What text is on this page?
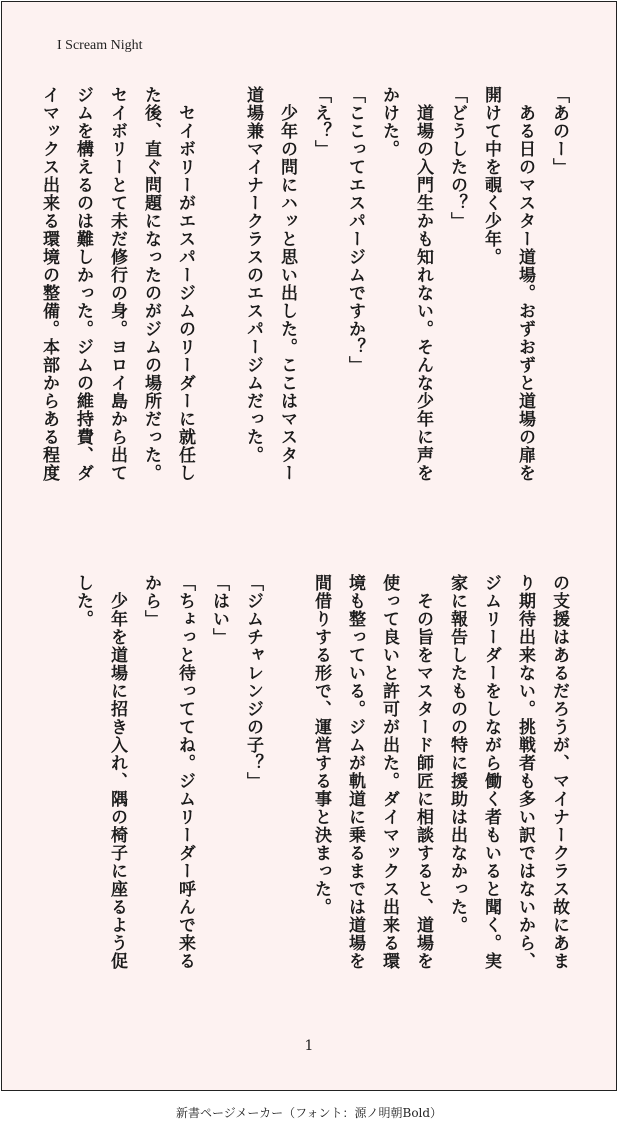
I Scream Night

「あのー」

　ある日のマスター道場。おずおずと道場の扉を

開けて中を覗く少年。

「どうしたの？」

　道場の入門生かも知れない。そんな少年に声を

かけた。

「ここってエスパージムですか？」

「え？」

　少年の問にハッと思い出した。ここはマスター

道場兼マイナークラスのエスパージムだった。

　セイボリーがエスパージムのリーダーに就任し

た後、直ぐ問題になったのがジムの場所だった。

セイボリーとて未だ修行の身。ヨロイ島から出て

ジムを構えるのは難しかった。ジムの維持費、ダ

イマックス出来る環境の整備。本部からある程度

の支援はあるだろうが、マイナークラス故にあま

り期待出来ない。挑戦者も多い訳ではないから、

ジムリーダーをしながら働く者もいると聞く。実

家に報告したものの特に援助は出なかった。

　その旨をマスタード師匠に相談すると、道場を

使って良いと許可が出た。ダイマックス出来る環

境も整っている。ジムが軌道に乗るまでは道場を

間借りする形で、運営する事と決まった。

「ジムチャレンジの子？」

「はい」

「ちょっと待っててね。ジムリーダー呼んで来る

から」

　少年を道場に招き入れ、隅の椅子に座るよう促

した。

1
新書ページメーカー（フォント：源ノ明朝Bold）
